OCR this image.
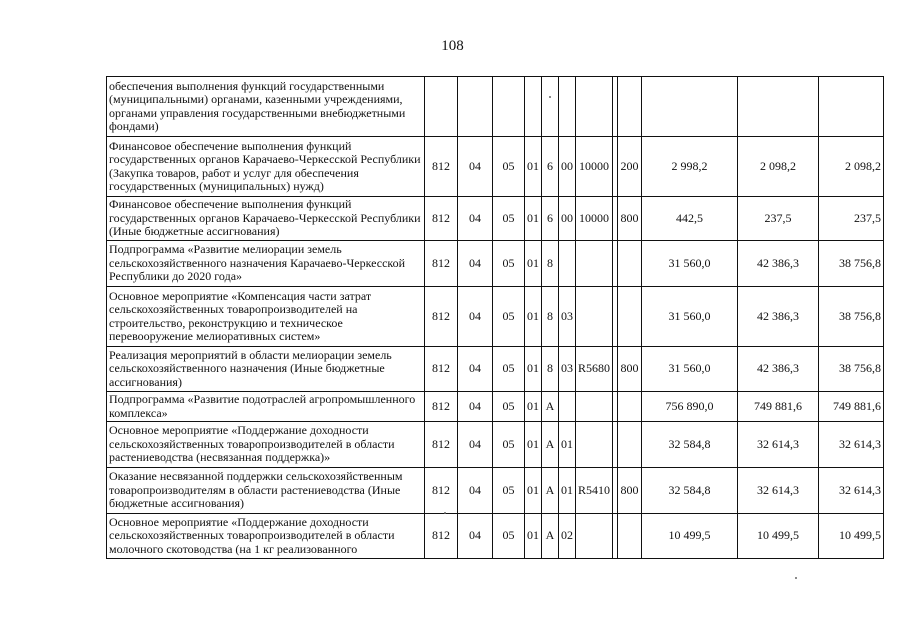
108
обеспечения выполнения функций государственными (муниципальными) органами, казенными учреждениями, органами управления государственными внебюджетными фондами)												
Финансовое обеспечение выполнения функций государственных органов Карачаево-Черкесской Республики (Закупка товаров, работ и услуг для обеспечения государственных (муниципальных) нужд)	812	04	05	01	6	00	10000		200	2 998,2	2 098,2	2 098,2
Финансовое обеспечение выполнения функций государственных органов Карачаево-Черкесской Республики (Иные бюджетные ассигнования)	812	04	05	01	6	00	10000		800	442,5	237,5	237,5
Подпрограмма «Развитие мелиорации земель сельскохозяйственного назначения Карачаево-Черкесской Республики до 2020 года»	812	04	05	01	8					31 560,0	42 386,3	38 756,8
Основное мероприятие «Компенсация части затрат сельскохозяйственных товаропроизводителей на строительство, реконструкцию и техническое перевооружение мелиоративных систем»	812	04	05	01	8	03				31 560,0	42 386,3	38 756,8
Реализация мероприятий в области мелиорации земель сельскохозяйственного назначения (Иные бюджетные ассигнования)	812	04	05	01	8	03	R5680		800	31 560,0	42 386,3	38 756,8
Подпрограмма «Развитие подотраслей агропромышленного комплекса»	812	04	05	01	А					756 890,0	749 881,6	749 881,6
Основное мероприятие «Поддержание доходности сельскохозяйственных товаропроизводителей в области растениеводства (несвязанная поддержка)»	812	04	05	01	А	01				32 584,8	32 614,3	32 614,3
Оказание несвязанной поддержки сельскохозяйственным товаропроизводителям в области растениеводства (Иные бюджетные ассигнования)	812	04	05	01	А	01	R5410		800	32 584,8	32 614,3	32 614,3
Основное мероприятие «Поддержание доходности сельскохозяйственных товаропроизводителей в области молочного скотоводства (на 1 кг реализованного	812	04	05	01	А	02				10 499,5	10 499,5	10 499,5
